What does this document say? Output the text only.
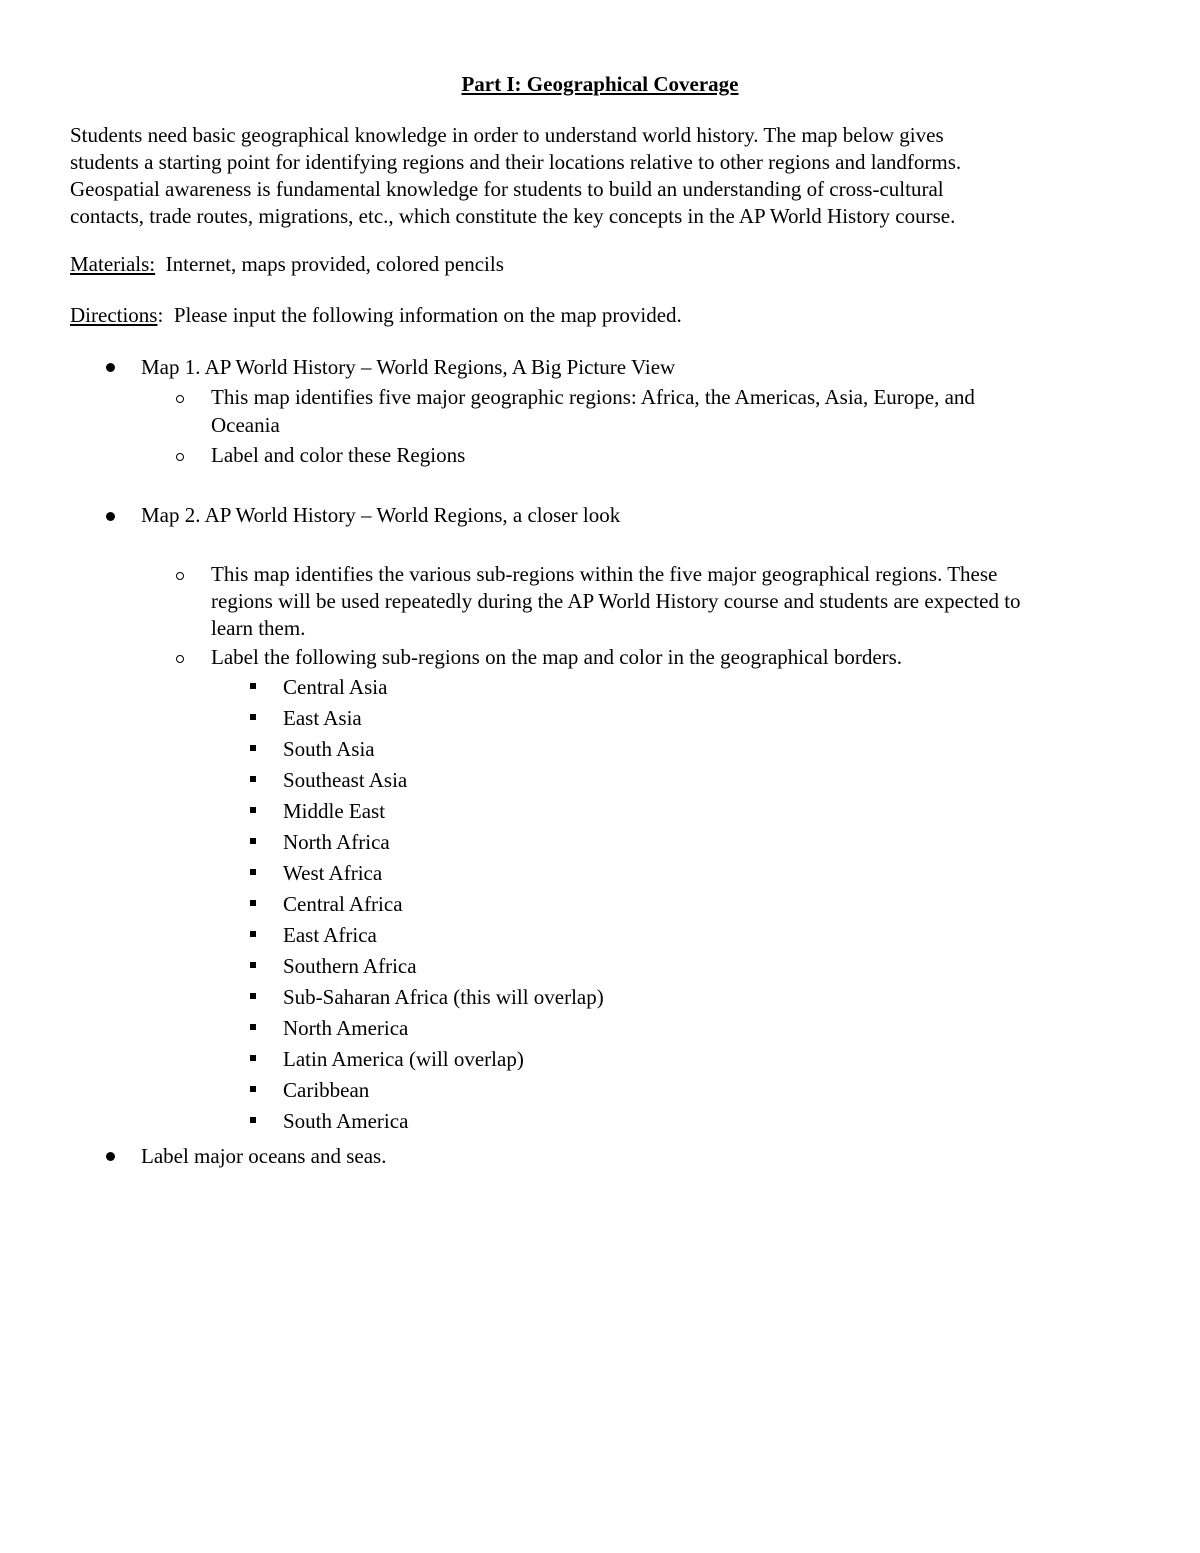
Part I: Geographical Coverage
Students need basic geographical knowledge in order to understand world history. The map below gives
students a starting point for identifying regions and their locations relative to other regions and landforms.
Geospatial awareness is fundamental knowledge for students to build an understanding of cross-cultural
contacts, trade routes, migrations, etc., which constitute the key concepts in the AP World History course.
Materials:  Internet, maps provided, colored pencils
Directions:  Please input the following information on the map provided.
Map 1. AP World History – World Regions, A Big Picture View
This map identifies five major geographic regions: Africa, the Americas, Asia, Europe, and
Oceania
Label and color these Regions
Map 2. AP World History – World Regions, a closer look
This map identifies the various sub-regions within the five major geographical regions. These
regions will be used repeatedly during the AP World History course and students are expected to
learn them.
Label the following sub-regions on the map and color in the geographical borders.
Central Asia
East Asia
South Asia
Southeast Asia
Middle East
North Africa
West Africa
Central Africa
East Africa
Southern Africa
Sub-Saharan Africa (this will overlap)
North America
Latin America (will overlap)
Caribbean
South America
Label major oceans and seas.
